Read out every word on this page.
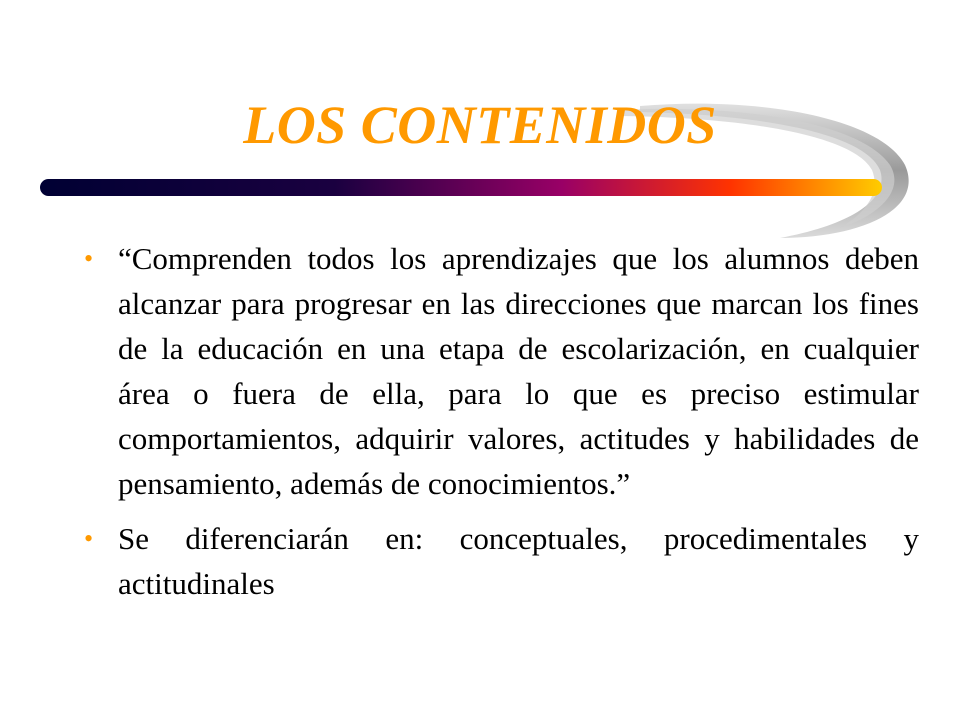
LOS CONTENIDOS
• “Comprenden todos los aprendizajes que los alumnos deben alcanzar para progresar en las direcciones que marcan los fines de la educación en una etapa de escolarización, en cualquier área o fuera de ella, para lo que es preciso estimular comportamientos, adquirir valores, actitudes y habilidades de pensamiento, además de conocimientos.”
• Se diferenciarán en: conceptuales, procedimentales y actitudinales
